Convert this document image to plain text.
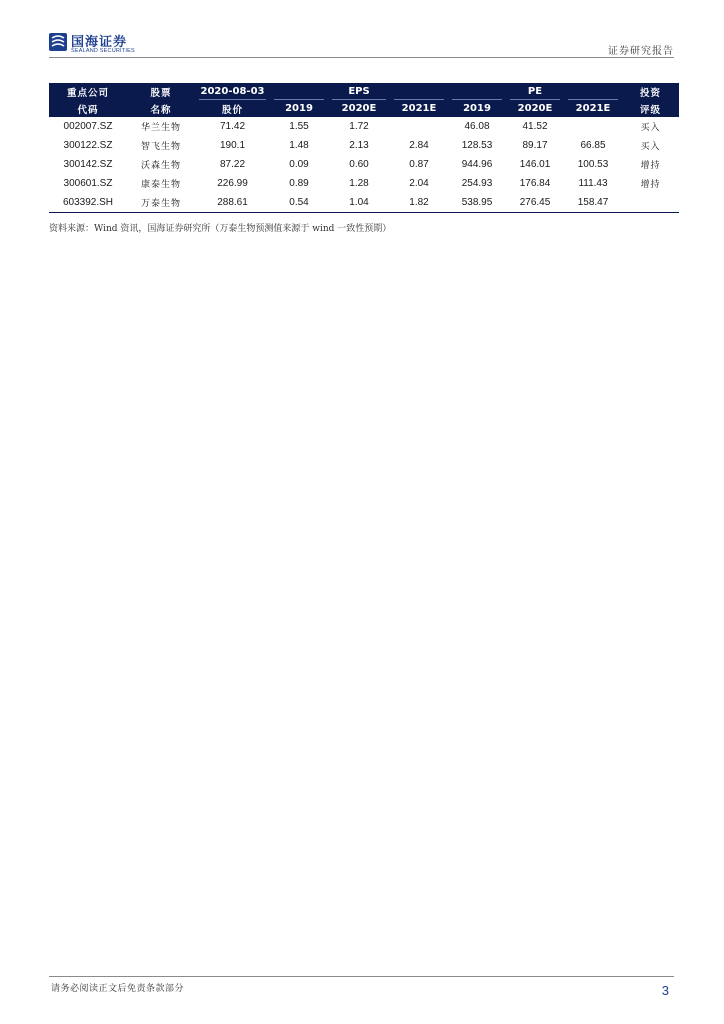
国海证券
SEALAND SECURITIES	证券研究报告
重点公司	股票	2020-08-03		EPS			PE		投资
代码	名称	股价	2019	2020E	2021E	2019	2020E	2021E	评级
002007.SZ	华兰生物	71.42	1.55	1.72		46.08	41.52		买入
300122.SZ	智飞生物	190.1	1.48	2.13	2.84	128.53	89.17	66.85	买入
300142.SZ	沃森生物	87.22	0.09	0.60	0.87	944.96	146.01	100.53	增持
300601.SZ	康泰生物	226.99	0.89	1.28	2.04	254.93	176.84	111.43	增持
603392.SH	万泰生物	288.61	0.54	1.04	1.82	538.95	276.45	158.47	
资料来源：Wind 资讯，国海证券研究所（万泰生物预测值来源于 wind 一致性预期）
请务必阅读正文后免责条款部分	3
